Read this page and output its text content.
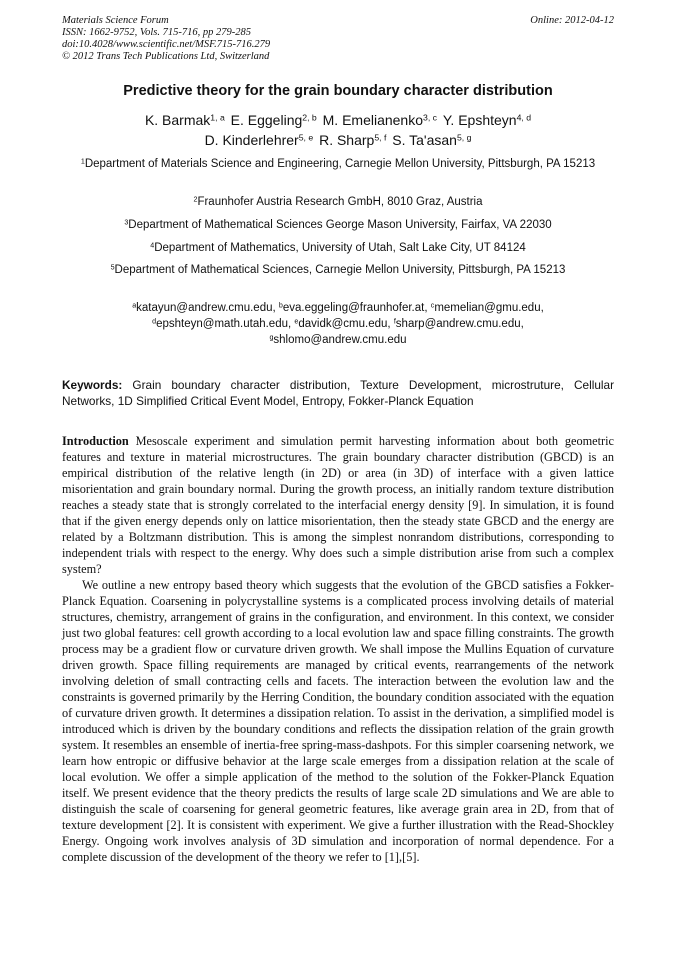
Materials Science Forum
ISSN: 1662-9752, Vols. 715-716, pp 279-285
doi:10.4028/www.scientific.net/MSF.715-716.279
© 2012 Trans Tech Publications Ltd, Switzerland
Online: 2012-04-12
Predictive theory for the grain boundary character distribution
K. Barmak$^{1, a}$ E. Eggeling$^{2, b}$ M. Emelianenko$^{3, c}$ Y. Epshteyn$^{4, d}$
D. Kinderlehrer$^{5, e}$ R. Sharp$^{5, f}$ S. Ta'asan$^{5, g}$
$^1$Department of Materials Science and Engineering, Carnegie Mellon University, Pittsburgh, PA 15213
$^2$Fraunhofer Austria Research GmbH, 8010 Graz, Austria
$^3$Department of Mathematical Sciences George Mason University, Fairfax, VA 22030
$^4$Department of Mathematics, University of Utah, Salt Lake City, UT 84124
$^5$Department of Mathematical Sciences, Carnegie Mellon University, Pittsburgh, PA 15213
$^a$katayun@andrew.cmu.edu, $^b$eva.eggeling@fraunhofer.at, $^c$memelian@gmu.edu,
$^d$epshteyn@math.utah.edu, $^e$davidk@cmu.edu, $^f$sharp@andrew.cmu.edu,
$^g$shlomo@andrew.cmu.edu
Keywords: Grain boundary character distribution, Texture Development, microstruture, Cellular Networks, 1D Simplified Critical Event Model, Entropy, Fokker-Planck Equation

Introduction Mesoscale experiment and simulation permit harvesting information about both geometric features and texture in material microstructures. The grain boundary character distribution (GBCD) is an empirical distribution of the relative length (in 2D) or area (in 3D) of interface with a given lattice misorientation and grain boundary normal. During the growth process, an initially random texture distribution reaches a steady state that is strongly correlated to the interfacial energy density [9]. In simulation, it is found that if the given energy depends only on lattice misorientation, then the steady state GBCD and the energy are related by a Boltzmann distribution. This is among the simplest nonrandom distributions, corresponding to independent trials with respect to the energy. Why does such a simple distribution arise from such a complex system?

We outline a new entropy based theory which suggests that the evolution of the GBCD satisfies a Fokker-Planck Equation. Coarsening in polycrystalline systems is a complicated process involving details of material structures, chemistry, arrangement of grains in the configuration, and environment. In this context, we consider just two global features: cell growth according to a local evolution law and space filling constraints. The growth process may be a gradient flow or curvature driven growth. We shall impose the Mullins Equation of curvature driven growth. Space filling requirements are managed by critical events, rearrangements of the network involving deletion of small contracting cells and facets. The interaction between the evolution law and the constraints is governed primarily by the Herring Condition, the boundary condition associated with the equation of curvature driven growth. It determines a dissipation relation. To assist in the derivation, a simplified model is introduced which is driven by the boundary conditions and reflects the dissipation relation of the grain growth system. It resembles an ensemble of inertia-free spring-mass-dashpots. For this simpler coarsening network, we learn how entropic or diffusive behavior at the large scale emerges from a dissipation relation at the scale of local evolution. We offer a simple application of the method to the solution of the Fokker-Planck Equation itself. We present evidence that the theory predicts the results of large scale 2D simulations and We are able to distinguish the scale of coarsening for general geometric features, like average grain area in 2D, from that of texture development [2]. It is consistent with experiment. We give a further illustration with the Read-Shockley Energy. Ongoing work involves analysis of 3D simulation and incorporation of normal dependence. For a complete discussion of the development of the theory we refer to [1],[5].
